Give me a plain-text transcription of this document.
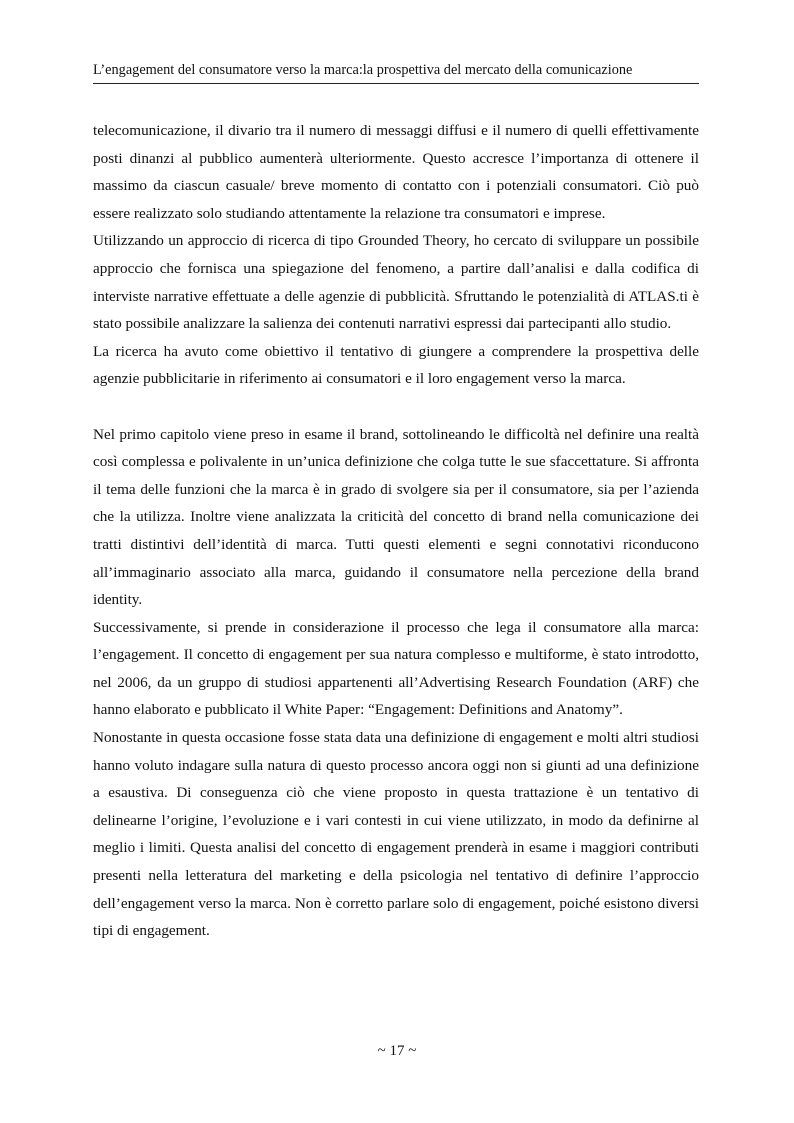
L’engagement del consumatore verso la marca:la prospettiva del mercato della comunicazione

telecomunicazione, il divario tra il numero di messaggi diffusi e il numero di quelli effettivamente posti dinanzi al pubblico aumenterà ulteriormente. Questo accresce l’importanza di ottenere il massimo da ciascun casuale/ breve momento di contatto con i potenziali consumatori. Ciò può essere realizzato solo studiando attentamente la relazione tra consumatori e imprese.

Utilizzando un approccio di ricerca di tipo Grounded Theory, ho cercato di sviluppare un possibile approccio che fornisca una spiegazione del fenomeno, a partire dall’analisi e dalla codifica di interviste narrative effettuate a delle agenzie di pubblicità. Sfruttando le potenzialità di ATLAS.ti è stato possibile analizzare la salienza dei contenuti narrativi espressi dai partecipanti allo studio.

La ricerca ha avuto come obiettivo il tentativo di giungere a comprendere la prospettiva delle agenzie pubblicitarie in riferimento ai consumatori e il loro engagement verso la marca.

Nel primo capitolo viene preso in esame il brand, sottolineando le difficoltà nel definire una realtà così complessa e polivalente in un’unica definizione che colga tutte le sue sfaccettature. Si affronta il tema delle funzioni che la marca è in grado di svolgere sia per il consumatore, sia per l’azienda che la utilizza. Inoltre viene analizzata la criticità del concetto di brand nella comunicazione dei tratti distintivi dell’identità di marca. Tutti questi elementi e segni connotativi riconducono all’immaginario associato alla marca, guidando il consumatore nella percezione della brand identity.

Successivamente, si prende in considerazione il processo che lega il consumatore alla marca: l’engagement. Il concetto di engagement per sua natura complesso e multiforme, è stato introdotto, nel 2006, da un gruppo di studiosi appartenenti all’Advertising Research Foundation (ARF) che hanno elaborato e pubblicato il White Paper: “Engagement: Definitions and Anatomy”.

Nonostante in questa occasione fosse stata data una definizione di engagement e molti altri studiosi hanno voluto indagare sulla natura di questo processo ancora oggi non si giunti ad una definizione a esaustiva. Di conseguenza ciò che viene proposto in questa trattazione è un tentativo di delinearne l’origine, l’evoluzione e i vari contesti in cui viene utilizzato, in modo da definirne al meglio i limiti. Questa analisi del concetto di engagement prenderà in esame i maggiori contributi presenti nella letteratura del marketing e della psicologia nel tentativo di definire l’approccio dell’engagement verso la marca. Non è corretto parlare solo di engagement, poiché esistono diversi tipi di engagement.

~ 17 ~
